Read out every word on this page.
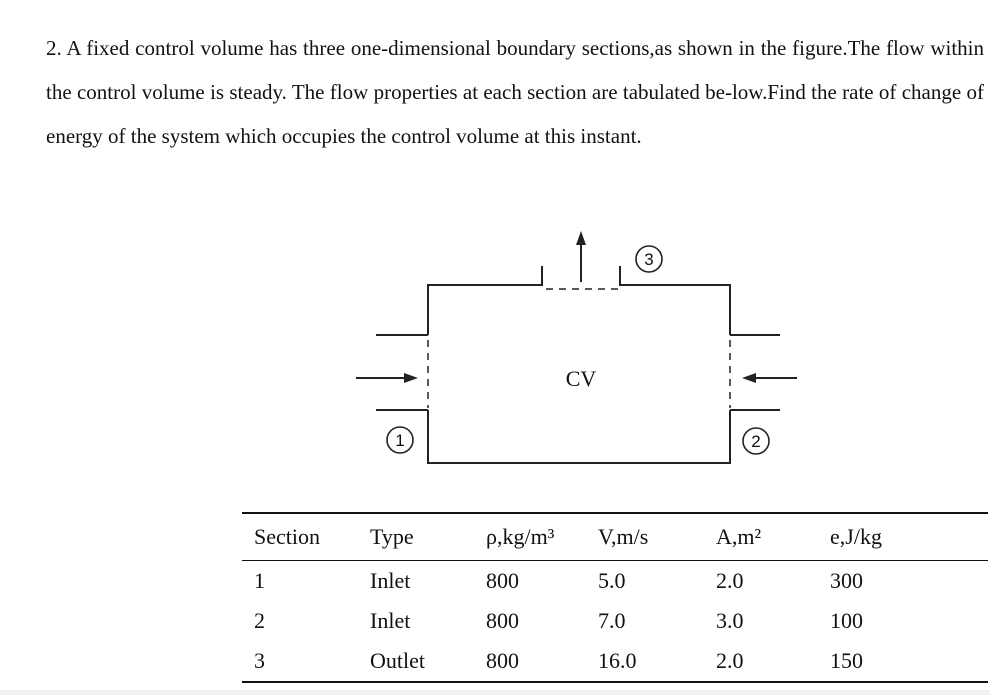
2. A fixed control volume has three one-dimensional boundary sections,as shown in the figure.The flow within the control volume is steady. The flow properties at each section are tabulated be-low.Find the rate of change of energy of the system which occupies the control volume at this instant.
1	2
3
CV
Section	Type	ρ,kg/m³	V,m/s	A,m²	e,J/kg
1	Inlet	800	5.0	2.0	300
2	Inlet	800	7.0	3.0	100
3	Outlet	800	16.0	2.0	150
